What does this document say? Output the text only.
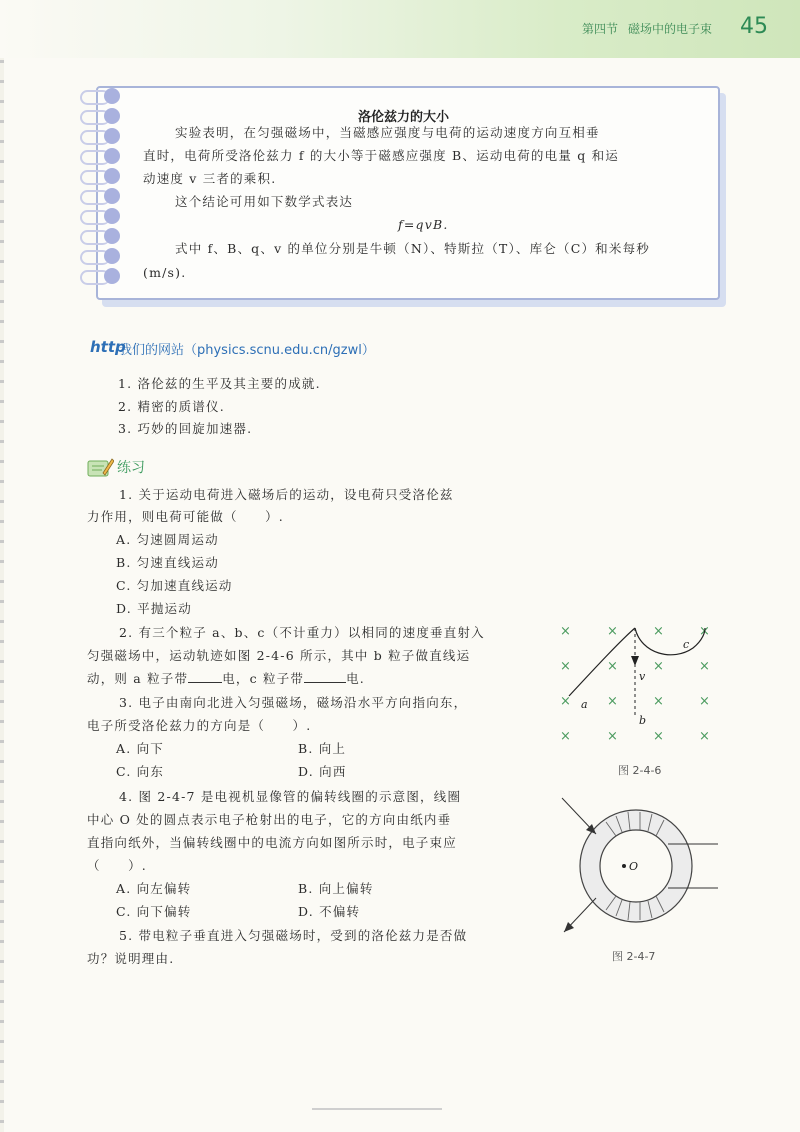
第四节 磁场中的电子束 45
洛伦兹力的大小
实验表明，在匀强磁场中，当磁感应强度与电荷的运动速度方向互相垂
直时，电荷所受洛伦兹力 f 的大小等于磁感应强度 B、运动电荷的电量 q 和运
动速度 v 三者的乘积.
这个结论可用如下数学式表达
f=qvB.
式中 f、B、q、v 的单位分别是牛顿（N）、特斯拉（T）、库仑（C）和米每秒
(m/s).
http
我们的网站（physics.scnu.edu.cn/gzwl）
1. 洛伦兹的生平及其主要的成就.
2. 精密的质谱仪.
3. 巧妙的回旋加速器.
练习
1. 关于运动电荷进入磁场后的运动，设电荷只受洛伦兹
力作用，则电荷可能做（　　）.
A. 匀速圆周运动
B. 匀速直线运动
C. 匀加速直线运动
D. 平抛运动
2. 有三个粒子 a、b、c（不计重力）以相同的速度垂直射入
匀强磁场中，运动轨迹如图 2-4-6 所示，其中 b 粒子做直线运
动，则 a 粒子带	电，c 粒子带	电.
3. 电子由南向北进入匀强磁场，磁场沿水平方向指向东，
电子所受洛伦兹力的方向是（　　）.
A. 向下	B. 向上
C. 向东	D. 向西
4. 图 2-4-7 是电视机显像管的偏转线圈的示意图，线圈
中心 O 处的圆点表示电子枪射出的电子，它的方向由纸内垂
直指向纸外，当偏转线圈中的电流方向如图所示时，电子束应
（　　）.
A. 向左偏转	B. 向上偏转
C. 向下偏转	D. 不偏转
5. 带电粒子垂直进入匀强磁场时，受到的洛伦兹力是否做
功？说明理由.
×	×	×	×
×	×	×	×
×	×	×	×
×	×	×	×
a
b
c
v
图 2-4-6
O
图 2-4-7
